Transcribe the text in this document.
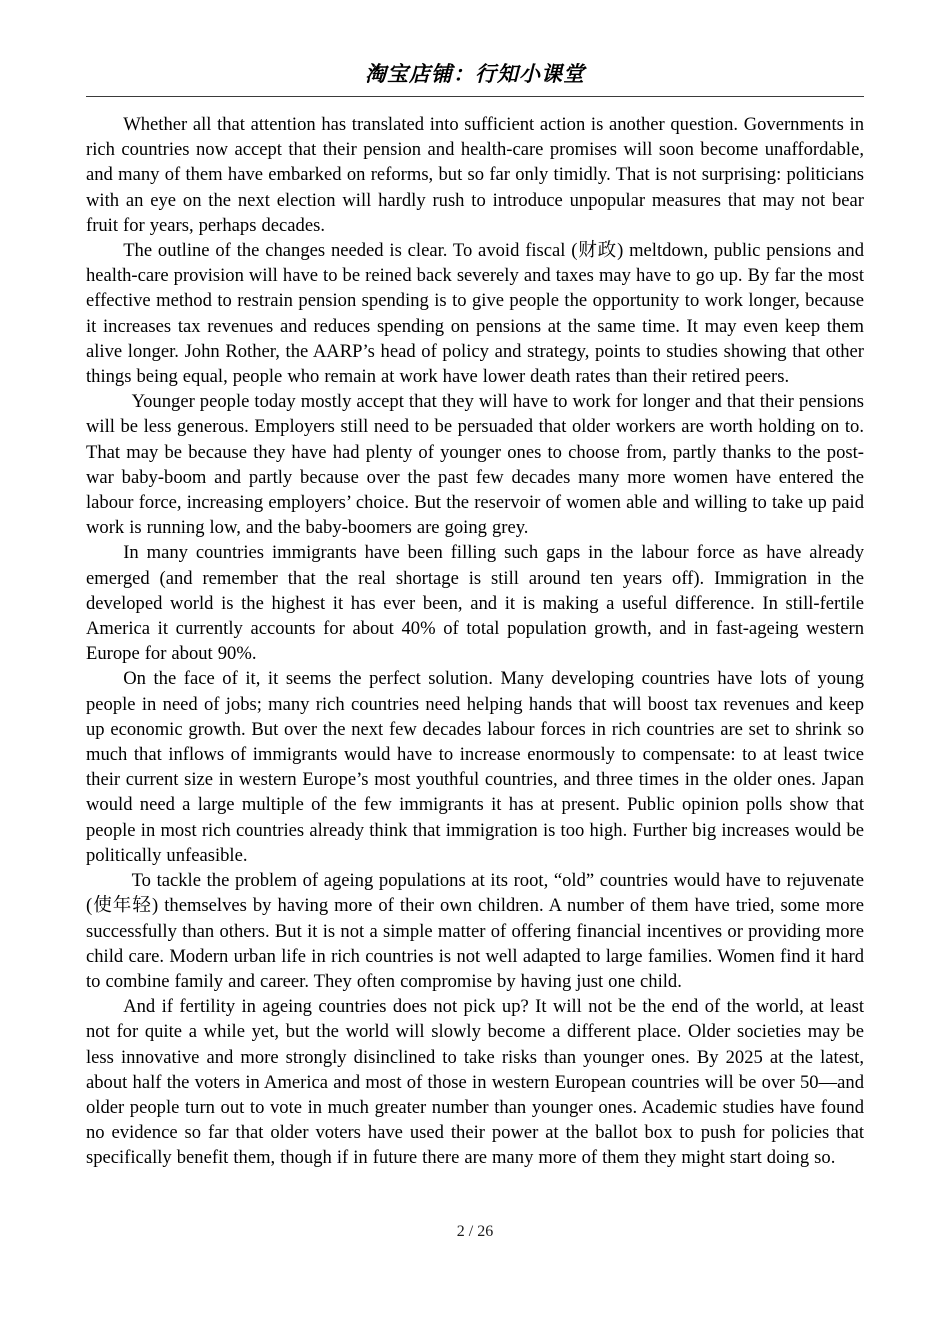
淘宝店铺：行知小课堂

Whether all that attention has translated into sufficient action is another question. Governments in rich countries now accept that their pension and health-care promises will soon become unaffordable, and many of them have embarked on reforms, but so far only timidly. That is not surprising: politicians with an eye on the next election will hardly rush to introduce unpopular measures that may not bear fruit for years, perhaps decades.

The outline of the changes needed is clear. To avoid fiscal (财政) meltdown, public pensions and health-care provision will have to be reined back severely and taxes may have to go up. By far the most effective method to restrain pension spending is to give people the opportunity to work longer, because it increases tax revenues and reduces spending on pensions at the same time. It may even keep them alive longer. John Rother, the AARP’s head of policy and strategy, points to studies showing that other things being equal, people who remain at work have lower death rates than their retired peers.

Younger people today mostly accept that they will have to work for longer and that their pensions will be less generous. Employers still need to be persuaded that older workers are worth holding on to. That may be because they have had plenty of younger ones to choose from, partly thanks to the post-war baby-boom and partly because over the past few decades many more women have entered the labour force, increasing employers’ choice. But the reservoir of women able and willing to take up paid work is running low, and the baby-boomers are going grey.

In many countries immigrants have been filling such gaps in the labour force as have already emerged (and remember that the real shortage is still around ten years off). Immigration in the developed world is the highest it has ever been, and it is making a useful difference. In still-fertile America it currently accounts for about 40% of total population growth, and in fast-ageing western Europe for about 90%.

On the face of it, it seems the perfect solution. Many developing countries have lots of young people in need of jobs; many rich countries need helping hands that will boost tax revenues and keep up economic growth. But over the next few decades labour forces in rich countries are set to shrink so much that inflows of immigrants would have to increase enormously to compensate: to at least twice their current size in western Europe’s most youthful countries, and three times in the older ones. Japan would need a large multiple of the few immigrants it has at present. Public opinion polls show that people in most rich countries already think that immigration is too high. Further big increases would be politically unfeasible.

To tackle the problem of ageing populations at its root, “old” countries would have to rejuvenate (使年轻) themselves by having more of their own children. A number of them have tried, some more successfully than others. But it is not a simple matter of offering financial incentives or providing more child care. Modern urban life in rich countries is not well adapted to large families. Women find it hard to combine family and career. They often compromise by having just one child.

And if fertility in ageing countries does not pick up? It will not be the end of the world, at least not for quite a while yet, but the world will slowly become a different place. Older societies may be less innovative and more strongly disinclined to take risks than younger ones. By 2025 at the latest, about half the voters in America and most of those in western European countries will be over 50—and older people turn out to vote in much greater number than younger ones. Academic studies have found no evidence so far that older voters have used their power at the ballot box to push for policies that specifically benefit them, though if in future there are many more of them they might start doing so.

2 / 26
